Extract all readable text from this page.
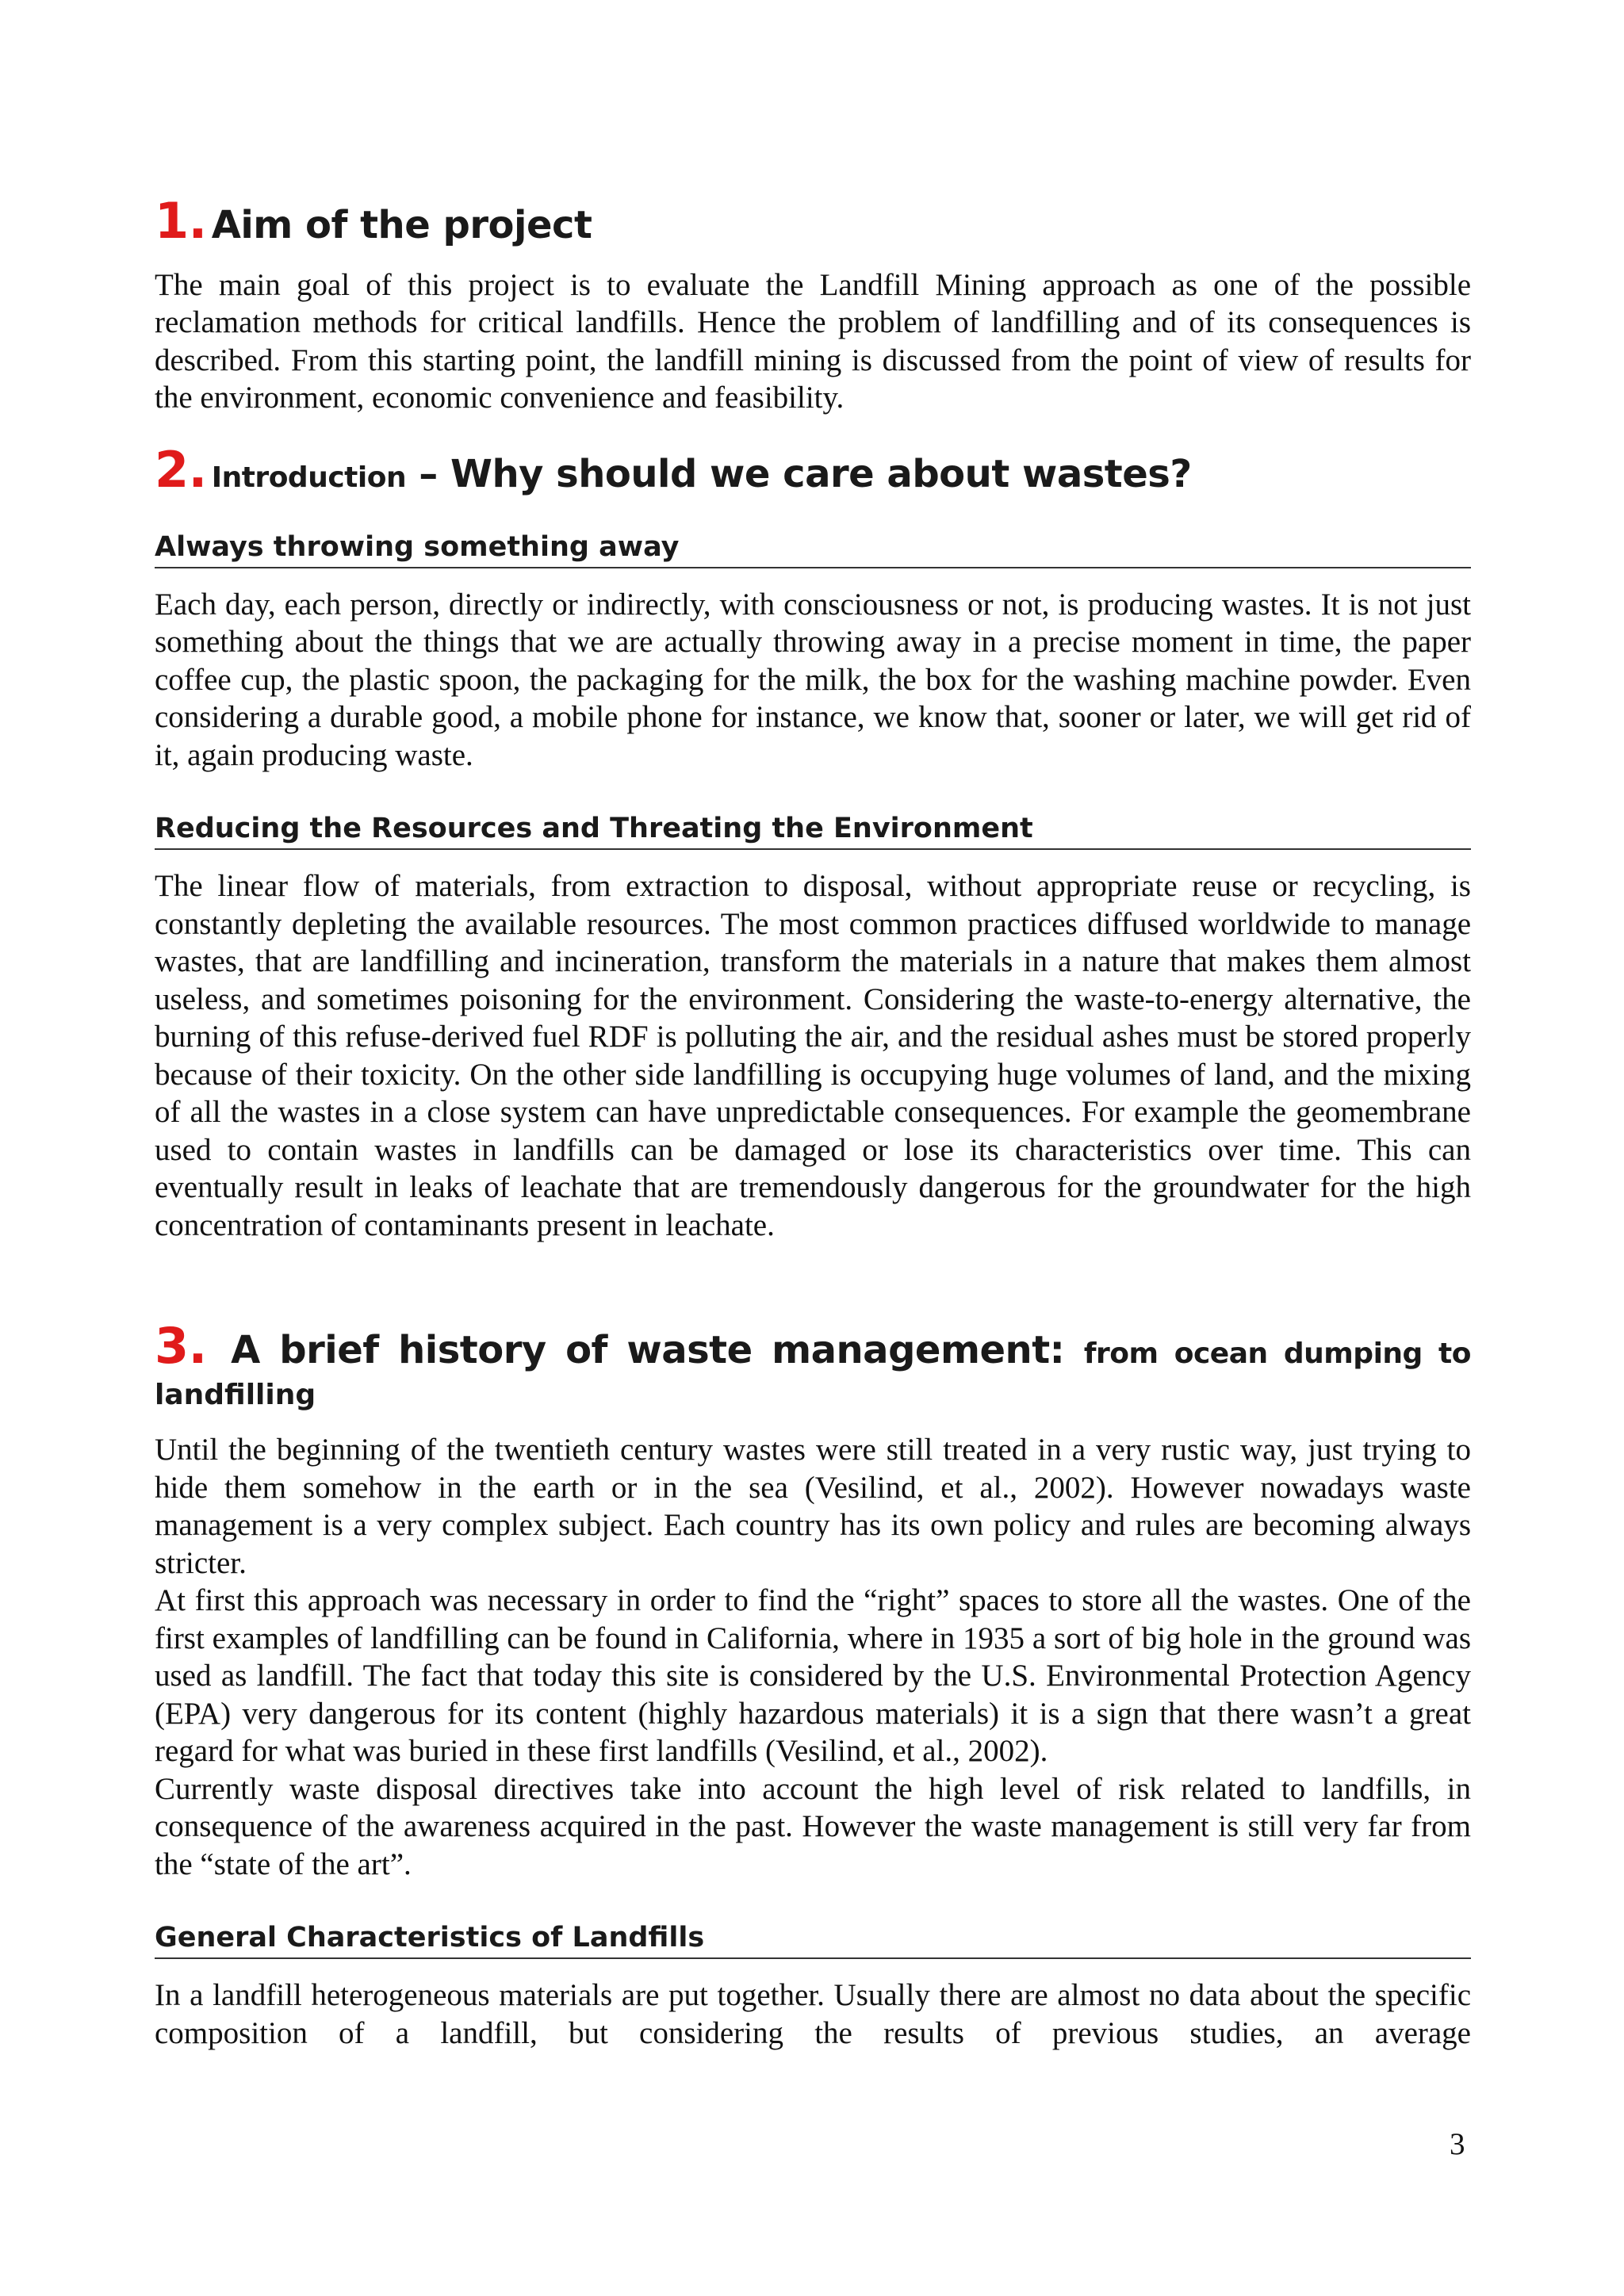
1. Aim of the project

The main goal of this project is to evaluate the Landfill Mining approach as one of the possible reclamation methods for critical landfills. Hence the problem of landfilling and of its consequences is described. From this starting point, the landfill mining is discussed from the point of view of results for the environment, economic convenience and feasibility.

2. Introduction – Why should we care about wastes?
Always throwing something away

Each day, each person, directly or indirectly, with consciousness or not, is producing wastes. It is not just something about the things that we are actually throwing away in a precise moment in time, the paper coffee cup, the plastic spoon, the packaging for the milk, the box for the washing machine powder. Even considering a durable good, a mobile phone for instance, we know that, sooner or later, we will get rid of it, again producing waste.

Reducing the Resources and Threating the Environment

The linear flow of materials, from extraction to disposal, without appropriate reuse or recycling, is constantly depleting the available resources. The most common practices diffused worldwide to manage wastes, that are landfilling and incineration, transform the materials in a nature that makes them almost useless, and sometimes poisoning for the environment. Considering the waste-to-energy alternative, the burning of this refuse-derived fuel RDF is polluting the air, and the residual ashes must be stored properly because of their toxicity. On the other side landfilling is occupying huge volumes of land, and the mixing of all the wastes in a close system can have unpredictable consequences. For example the geomembrane used to contain wastes in landfills can be damaged or lose its characteristics over time. This can eventually result in leaks of leachate that are tremendously dangerous for the groundwater for the high concentration of contaminants present in leachate.

3. A brief history of waste management: from ocean dumping to
landfilling

Until the beginning of the twentieth century wastes were still treated in a very rustic way, just trying to hide them somehow in the earth or in the sea (Vesilind, et al., 2002). However nowadays waste management is a very complex subject. Each country has its own policy and rules are becoming always stricter.

At first this approach was necessary in order to find the “right” spaces to store all the wastes. One of the first examples of landfilling can be found in California, where in 1935 a sort of big hole in the ground was used as landfill. The fact that today this site is considered by the U.S. Environmental Protection Agency (EPA) very dangerous for its content (highly hazardous materials) it is a sign that there wasn’t a great regard for what was buried in these first landfills (Vesilind, et al., 2002).

Currently waste disposal directives take into account the high level of risk related to landfills, in consequence of the awareness acquired in the past. However the waste management is still very far from the “state of the art”.

General Characteristics of Landfills

In a landfill heterogeneous materials are put together. Usually there are almost no data about the specific composition of a landfill, but considering the results of previous studies, an average

3
